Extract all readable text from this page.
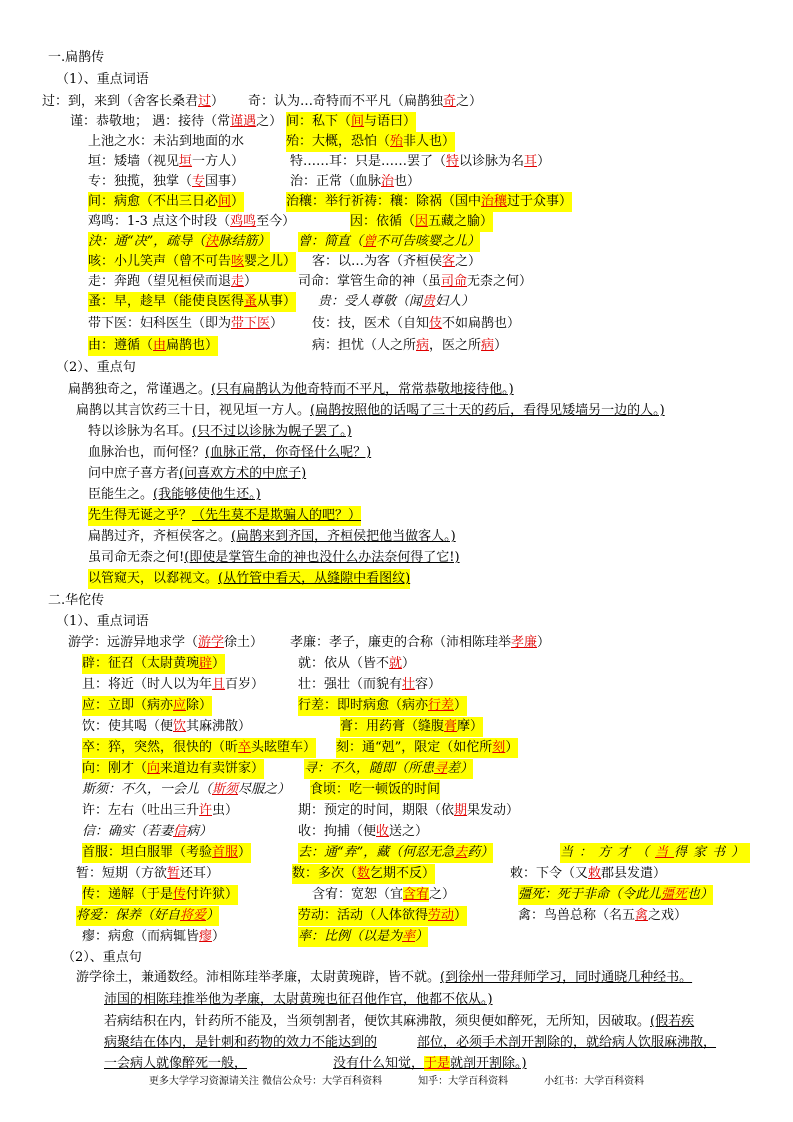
一.扁鹊传
（1）、重点词语
过：到，来到（舍客长桑君过） 奇：认为…奇特而不平凡（扁鹊独奇之）
谨：恭敬地； 遇：接待（常谨遇之） 间：私下（间与语曰）
上池之水：未沾到地面的水	殆：大概，恐怕（殆非人也）
垣：矮墙（视见垣一方人）	特……耳：只是……罢了（特以诊脉为名耳）
专：独揽，独掌（专国事）	治：正常（血脉治也）
间：病愈（不出三日必间）	治穰：举行祈祷：穰：除祸（国中治穰过于众事）
鸡鸣：1-3 点这个时段（鸡鸣至今）	因：依循（因五藏之腧）
決：通“决”，疏导（決脉结筋） 曾：简直（曾不可告咳婴之儿）
咳：小儿笑声（曾不可告咳婴之儿） 客：以…为客（齐桓侯客之）
走：奔跑（望见桓侯而退走）	司命：掌管生命的神（虽司命无柰之何）
蚤：早，趁早（能使良医得蚤从事） 贵：受人尊敬（闻贵妇人）
带下医：妇科医生（即为带下医） 伎：技，医术（自知伎不如扁鹊也）
由：遵循（由扁鹊也）	病：担忧（人之所病，医之所病）
（2）、重点句
扁鹊独奇之，常谨遇之。(只有扁鹊认为他奇特而不平凡，常常恭敬地接待他。)
扁鹊以其言饮药三十日，视见垣一方人。(扁鹊按照他的话喝了三十天的药后，看得见矮墙另一边的人。)
特以诊脉为名耳。(只不过以诊脉为幌子罢了。)
血脉治也，而何怪？(血脉正常，你奇怪什么呢？)
问中庶子喜方者(问喜欢方术的中庶子)
臣能生之。(我能够使他生还。)
先生得无诞之乎？（先生莫不是欺骗人的吧？）
扁鹊过齐，齐桓侯客之。(扁鹊来到齐国，齐桓侯把他当做客人。)
虽司命无柰之何!(即使是掌管生命的神也没什么办法奈何得了它!)
以管窥天，以郄视文。(从竹管中看天，从缝隙中看图纹)
二.华佗传
（1）、重点词语
游学：远游异地求学（游学徐土） 孝廉：孝子，廉吏的合称（沛相陈珪举孝廉）
辟：征召（太尉黄琬辟）	就：依从（皆不就）
且：将近（时人以为年且百岁）	壮：强壮（而貌有壮容）
应：立即（病亦应除）	行差：即时病愈（病亦行差）
饮：使其喝（便饮其麻沸散）	膏：用药膏（缝腹膏摩）
卒：猝，突然，很快的（昕卒头眩堕车） 刻：通“剋”，限定（如佗所刻）
向：刚才（向来道边有卖饼家）	寻：不久，随即（所患寻差）
斯须：不久，一会儿（斯须尽服之） 食顷：吃一顿饭的时间
许：左右（吐出三升许虫）	期：预定的时间，期限（依期果发动）
信：确实（若妻信病）	收：拘捕（便收送之）
首服：坦白服罪（考验首服）	去：通“弆”，藏（何忍无急去药）	当：方才（当得家书）
暂：短期（方欲暂还耳）	数：多次（数乞期不反）	敕：下令（又敕郡县发遣）
传：递解（于是传付许狱）	含宥：宽恕（宜含宥之）	彊死：死于非命（令此儿彊死也）
将爱：保养（好自将爱）	劳动：活动（人体欲得劳动）	禽：鸟兽总称（名五禽之戏）
瘳：病愈（而病辄皆瘳）	率：比例（以是为率）
（2）、重点句
游学徐土，兼通数经。沛相陈珪举孝廉，太尉黄琬辟，皆不就。(到徐州一带拜师学习，同时通晓几种经书。
沛国的相陈珪推举他为孝廉，太尉黄琬也征召他作官，他都不依从。)
若病结积在内，针药所不能及，当须刳割者，便饮其麻沸散，须臾便如醉死，无所知，因破取。(假若疾
病聚结在体内，是针刺和药物的效力不能达到的	部位，必须手术剖开割除的，就给病人饮服麻沸散，
一会病人就像醉死一般，	没有什么知觉，于是就剖开割除。)
更多大学学习资源请关注 微信公众号：大学百科资料	知乎：大学百科资料	小红书：大学百科资料
